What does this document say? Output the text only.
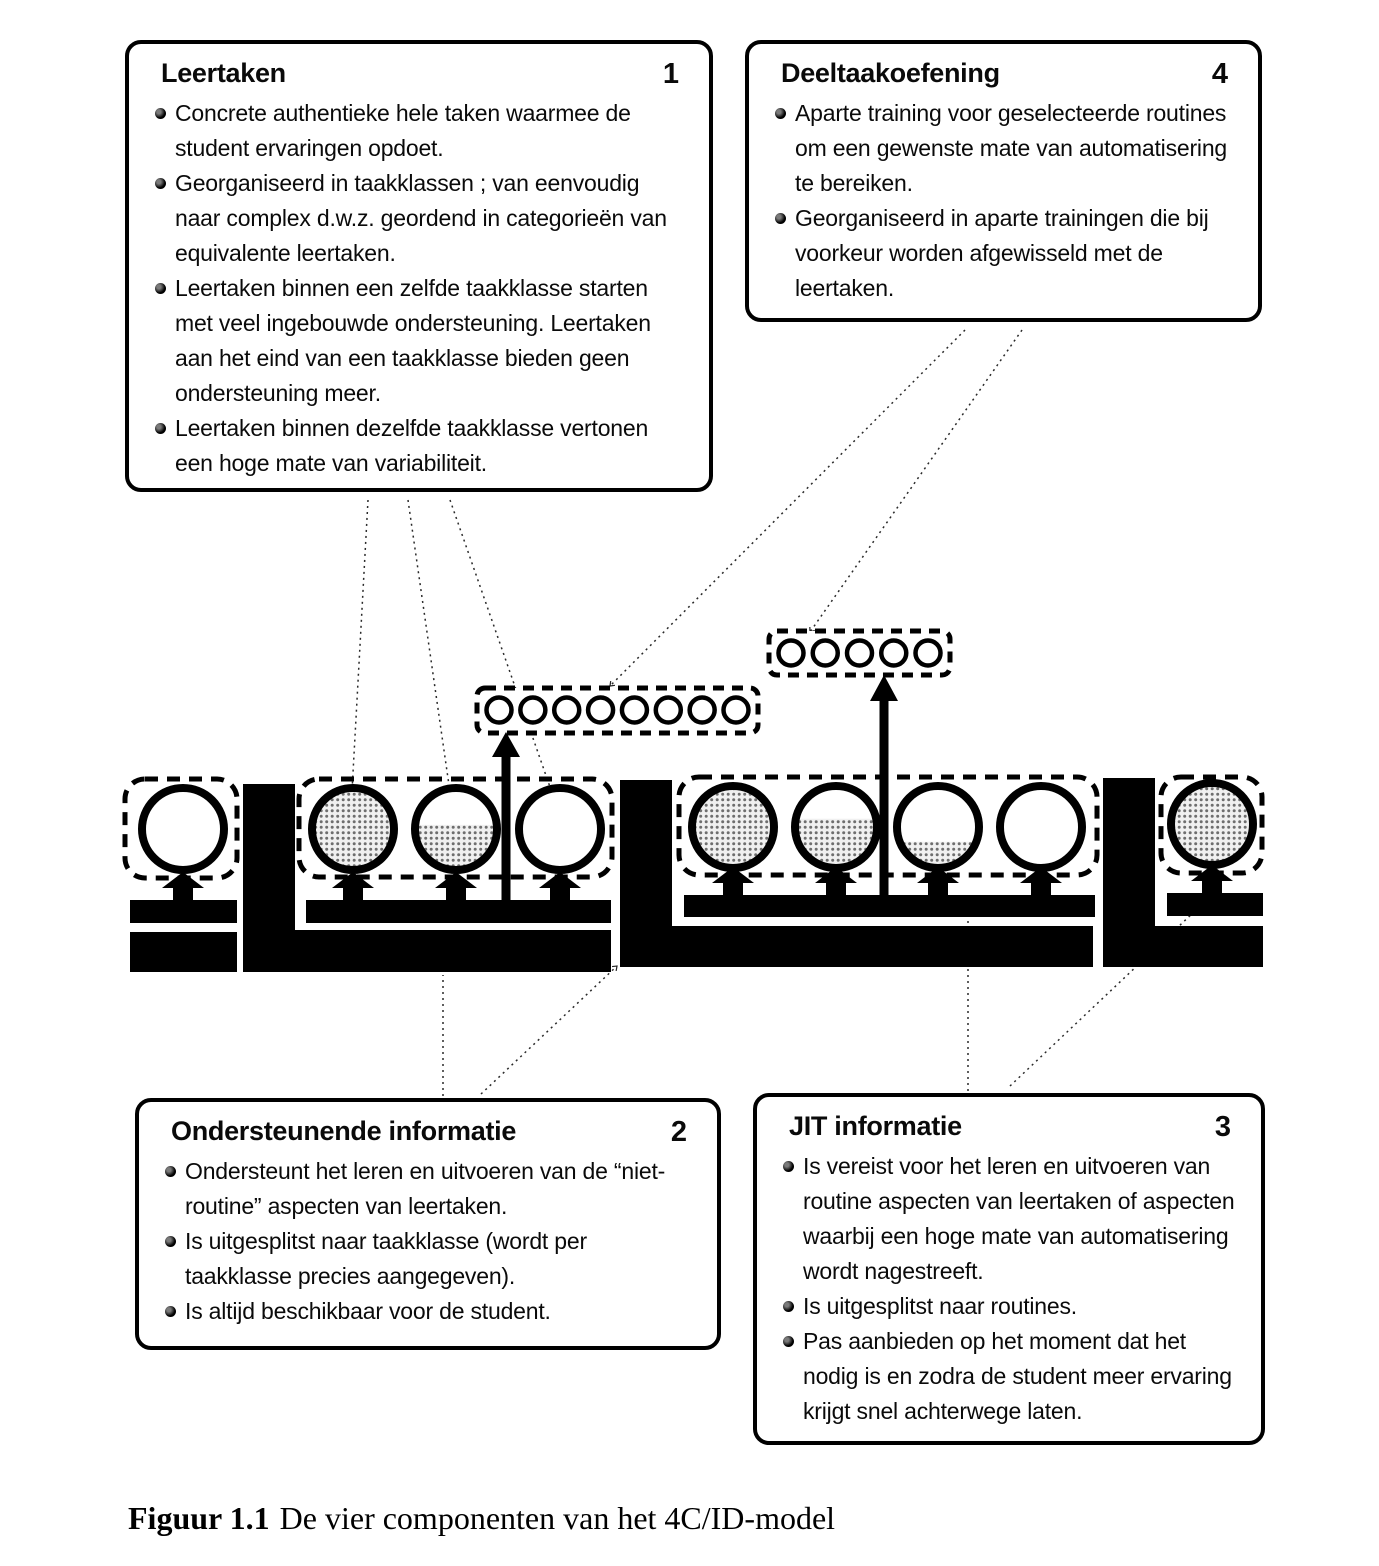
Leertaken	1
Concrete authentieke hele taken waarmee de student ervaringen opdoet.
Georganiseerd in taakklassen ; van eenvoudig naar complex d.w.z. geordend in categorieën van equivalente leertaken.
Leertaken binnen een zelfde taakklasse starten met veel ingebouwde ondersteuning. Leertaken aan het eind van een taakklasse bieden geen ondersteuning meer.
Leertaken binnen dezelfde taakklasse vertonen een hoge mate van variabiliteit.
Deeltaakoefening	4
Aparte training voor geselecteerde routines om een gewenste mate van automatisering te bereiken.
Georganiseerd in aparte trainingen die bij voorkeur worden afgewisseld met de leertaken.
Ondersteunende informatie	2
Ondersteunt het leren en uitvoeren van de “niet-routine” aspecten van leertaken.
Is uitgesplitst naar taakklasse (wordt per taakklasse precies aangegeven).
Is altijd beschikbaar voor de student.
JIT informatie	3
Is vereist voor het leren en uitvoeren van routine aspecten van leertaken of aspecten waarbij een hoge mate van automatisering wordt nagestreeft.
Is uitgesplitst naar routines.
Pas aanbieden op het moment dat het nodig is en zodra de student meer ervaring krijgt snel achterwege laten.
Figuur 1.1 De vier componenten van het 4C/ID-model
